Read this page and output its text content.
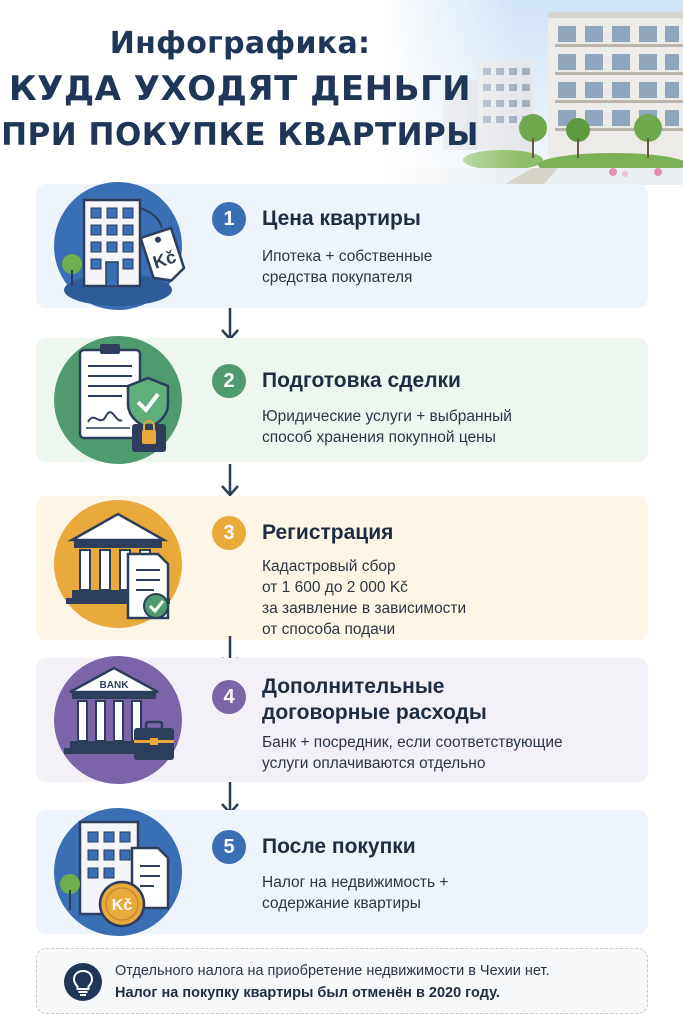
Инфографика:
КУДА УХОДЯТ ДЕНЬГИ
ПРИ ПОКУПКЕ КВАРТИРЫ
Kč
1	Цена квартиры
Ипотека + собственные
средства покупателя
2	Подготовка сделки
Юридические услуги + выбранный
способ хранения покупной цены
3	Регистрация
Кадастровый сбор
от 1 600 до 2 000 Kč
за заявление в зависимости
от способа подачи
BANK
4	Дополнительные
договорные расходы
Банк + посредник, если соответствующие
услуги оплачиваются отдельно
Kč
5	После покупки
Налог на недвижимость +
содержание квартиры
Отдельного налога на приобретение недвижимости в Чехии нет.
Налог на покупку квартиры был отменён в 2020 году.
